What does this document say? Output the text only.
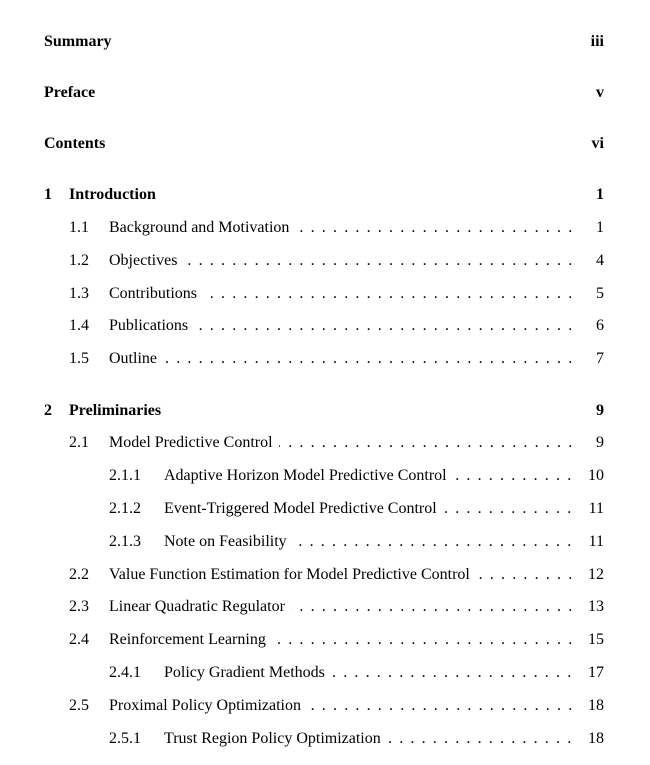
Summary	iii
Preface	v
Contents	vi
1 Introduction	1
1.1 . . . Background and Motivation	1
1.2 . . . Objectives	4
1.3 . . . Contributions	5
1.4 . . . Publications	6
1.5 . . . Outline	7
2 Preliminaries	9
2.1 . . . Model Predictive Control	9
2.1.1 . . . Adaptive Horizon Model Predictive Control	10
2.1.2 . . . Event-Triggered Model Predictive Control	11
2.1.3 . . . Note on Feasibility	11
2.2 . . . Value Function Estimation for Model Predictive Control	12
2.3 . . . Linear Quadratic Regulator	13
2.4 . . . Reinforcement Learning	15
2.4.1 . . . Policy Gradient Methods	17
2.5 . . . Proximal Policy Optimization	18
2.5.1 . . . Trust Region Policy Optimization	18
